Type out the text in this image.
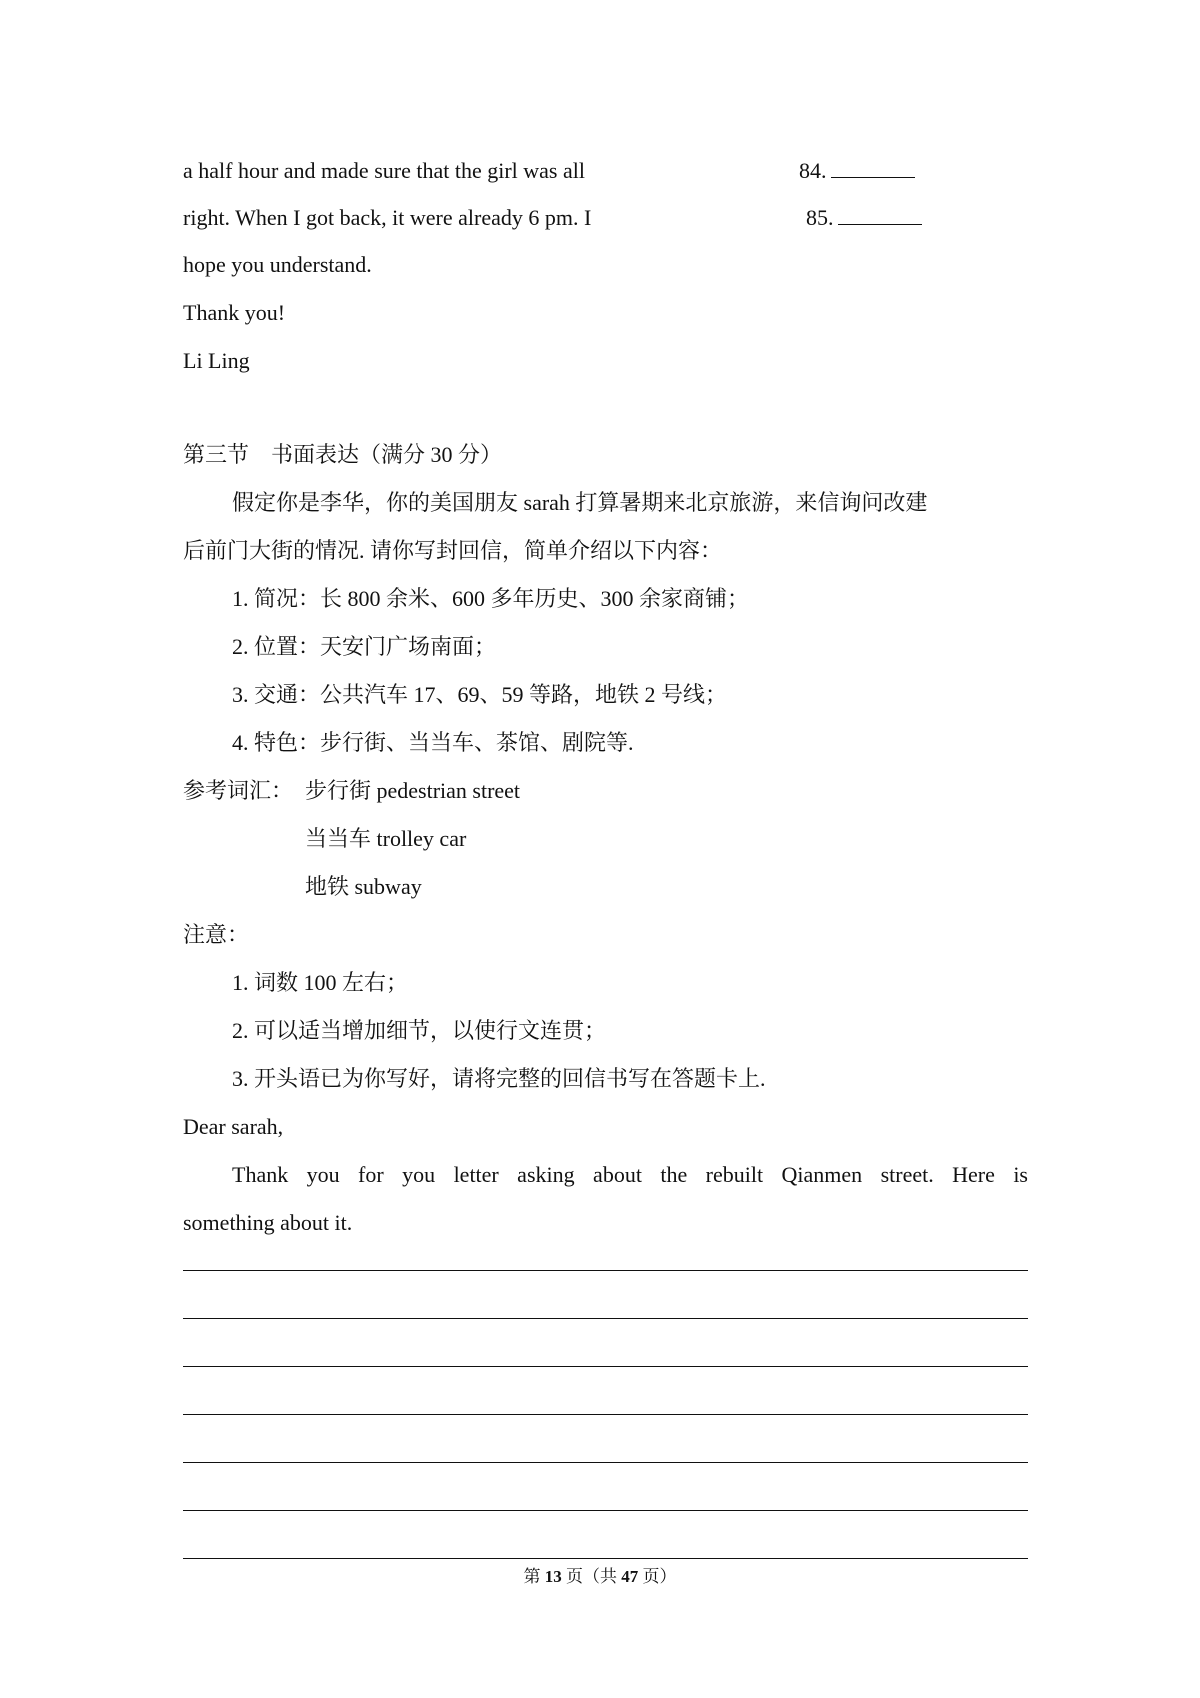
a half hour and made sure that the girl was all	84.
right. When I got back, it were already 6 pm. I	85.
hope you understand.
Thank you!
Li Ling
第三节　书面表达（满分 30 分）
假定你是李华，你的美国朋友 sarah 打算暑期来北京旅游，来信询问改建
后前门大街的情况. 请你写封回信，简单介绍以下内容：
1. 简况：长 800 余米、600 多年历史、300 余家商铺；
2. 位置：天安门广场南面；
3. 交通：公共汽车 17、69、59 等路，地铁 2 号线；
4. 特色：步行街、当当车、茶馆、剧院等.
参考词汇： 步行街 pedestrian street
当当车 trolley car
地铁 subway
注意：
1. 词数 100 左右；
2. 可以适当增加细节，以使行文连贯；
3. 开头语已为你写好，请将完整的回信书写在答题卡上.
Dear sarah,
Thank you for you letter asking about the rebuilt Qianmen street. Here is
something about it.
第 13 页（共 47 页）
